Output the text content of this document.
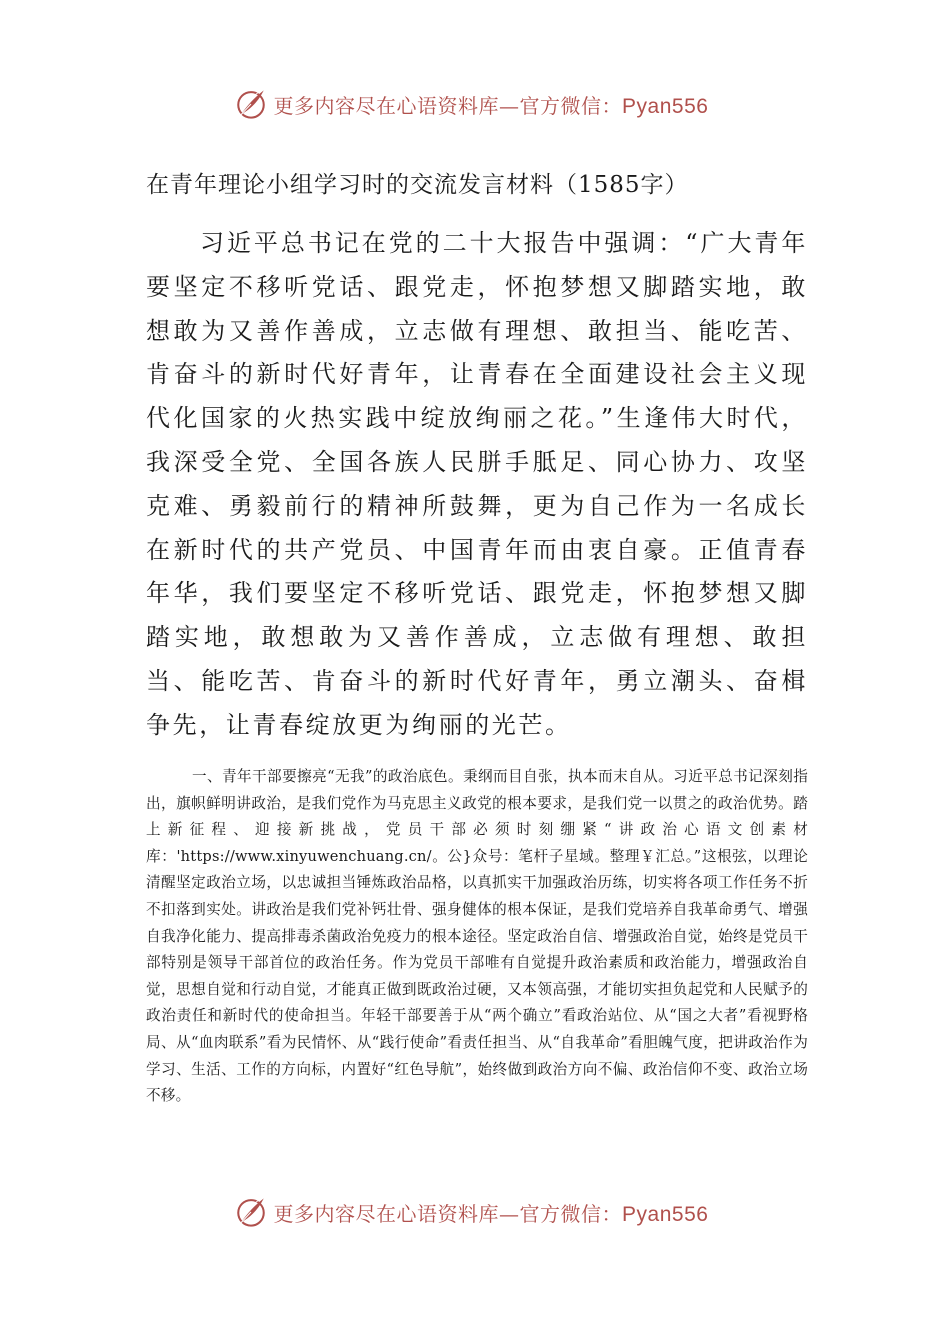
更多内容尽在心语资料库—官方微信：Pyan556
在青年理论小组学习时的交流发言材料（1585字）

习近平总书记在党的二十大报告中强调：“广大青年要坚定不移听党话、跟党走，怀抱梦想又脚踏实地，敢想敢为又善作善成，立志做有理想、敢担当、能吃苦、肯奋斗的新时代好青年，让青春在全面建设社会主义现代化国家的火热实践中绽放绚丽之花。”生逢伟大时代，我深受全党、全国各族人民胼手胝足、同心协力、攻坚克难、勇毅前行的精神所鼓舞，更为自己作为一名成长在新时代的共产党员、中国青年而由衷自豪。正值青春年华，我们要坚定不移听党话、跟党走，怀抱梦想又脚踏实地，敢想敢为又善作善成，立志做有理想、敢担当、能吃苦、肯奋斗的新时代好青年，勇立潮头、奋楫争先，让青春绽放更为绚丽的光芒。

一、青年干部要擦亮“无我”的政治底色。秉纲而目自张，执本而末自从。习近平总书记深刻指出，旗帜鲜明讲政治，是我们党作为马克思主义政党的根本要求，是我们党一以贯之的政治优势。踏上新征程、迎接新挑战，党员干部必须时刻绷紧“讲政治心语文创素材库：'https://www.xinyuwenchuang.cn/。公}众号：笔杆子星域。整理￥汇总。”这根弦，以理论清醒坚定政治立场，以忠诚担当锤炼政治品格，以真抓实干加强政治历练，切实将各项工作任务不折不扣落到实处。讲政治是我们党补钙壮骨、强身健体的根本保证，是我们党培养自我革命勇气、增强自我净化能力、提高排毒杀菌政治免疫力的根本途径。坚定政治自信、增强政治自觉，始终是党员干部特别是领导干部首位的政治任务。作为党员干部唯有自觉提升政治素质和政治能力，增强政治自觉，思想自觉和行动自觉，才能真正做到既政治过硬，又本领高强，才能切实担负起党和人民赋予的政治责任和新时代的使命担当。年轻干部要善于从“两个确立”看政治站位、从“国之大者”看视野格局、从“血肉联系”看为民情怀、从“践行使命”看责任担当、从“自我革命”看胆魄气度，把讲政治作为学习、生活、工作的方向标，内置好“红色导航”，始终做到政治方向不偏、政治信仰不变、政治立场不移。

更多内容尽在心语资料库—官方微信：Pyan556
